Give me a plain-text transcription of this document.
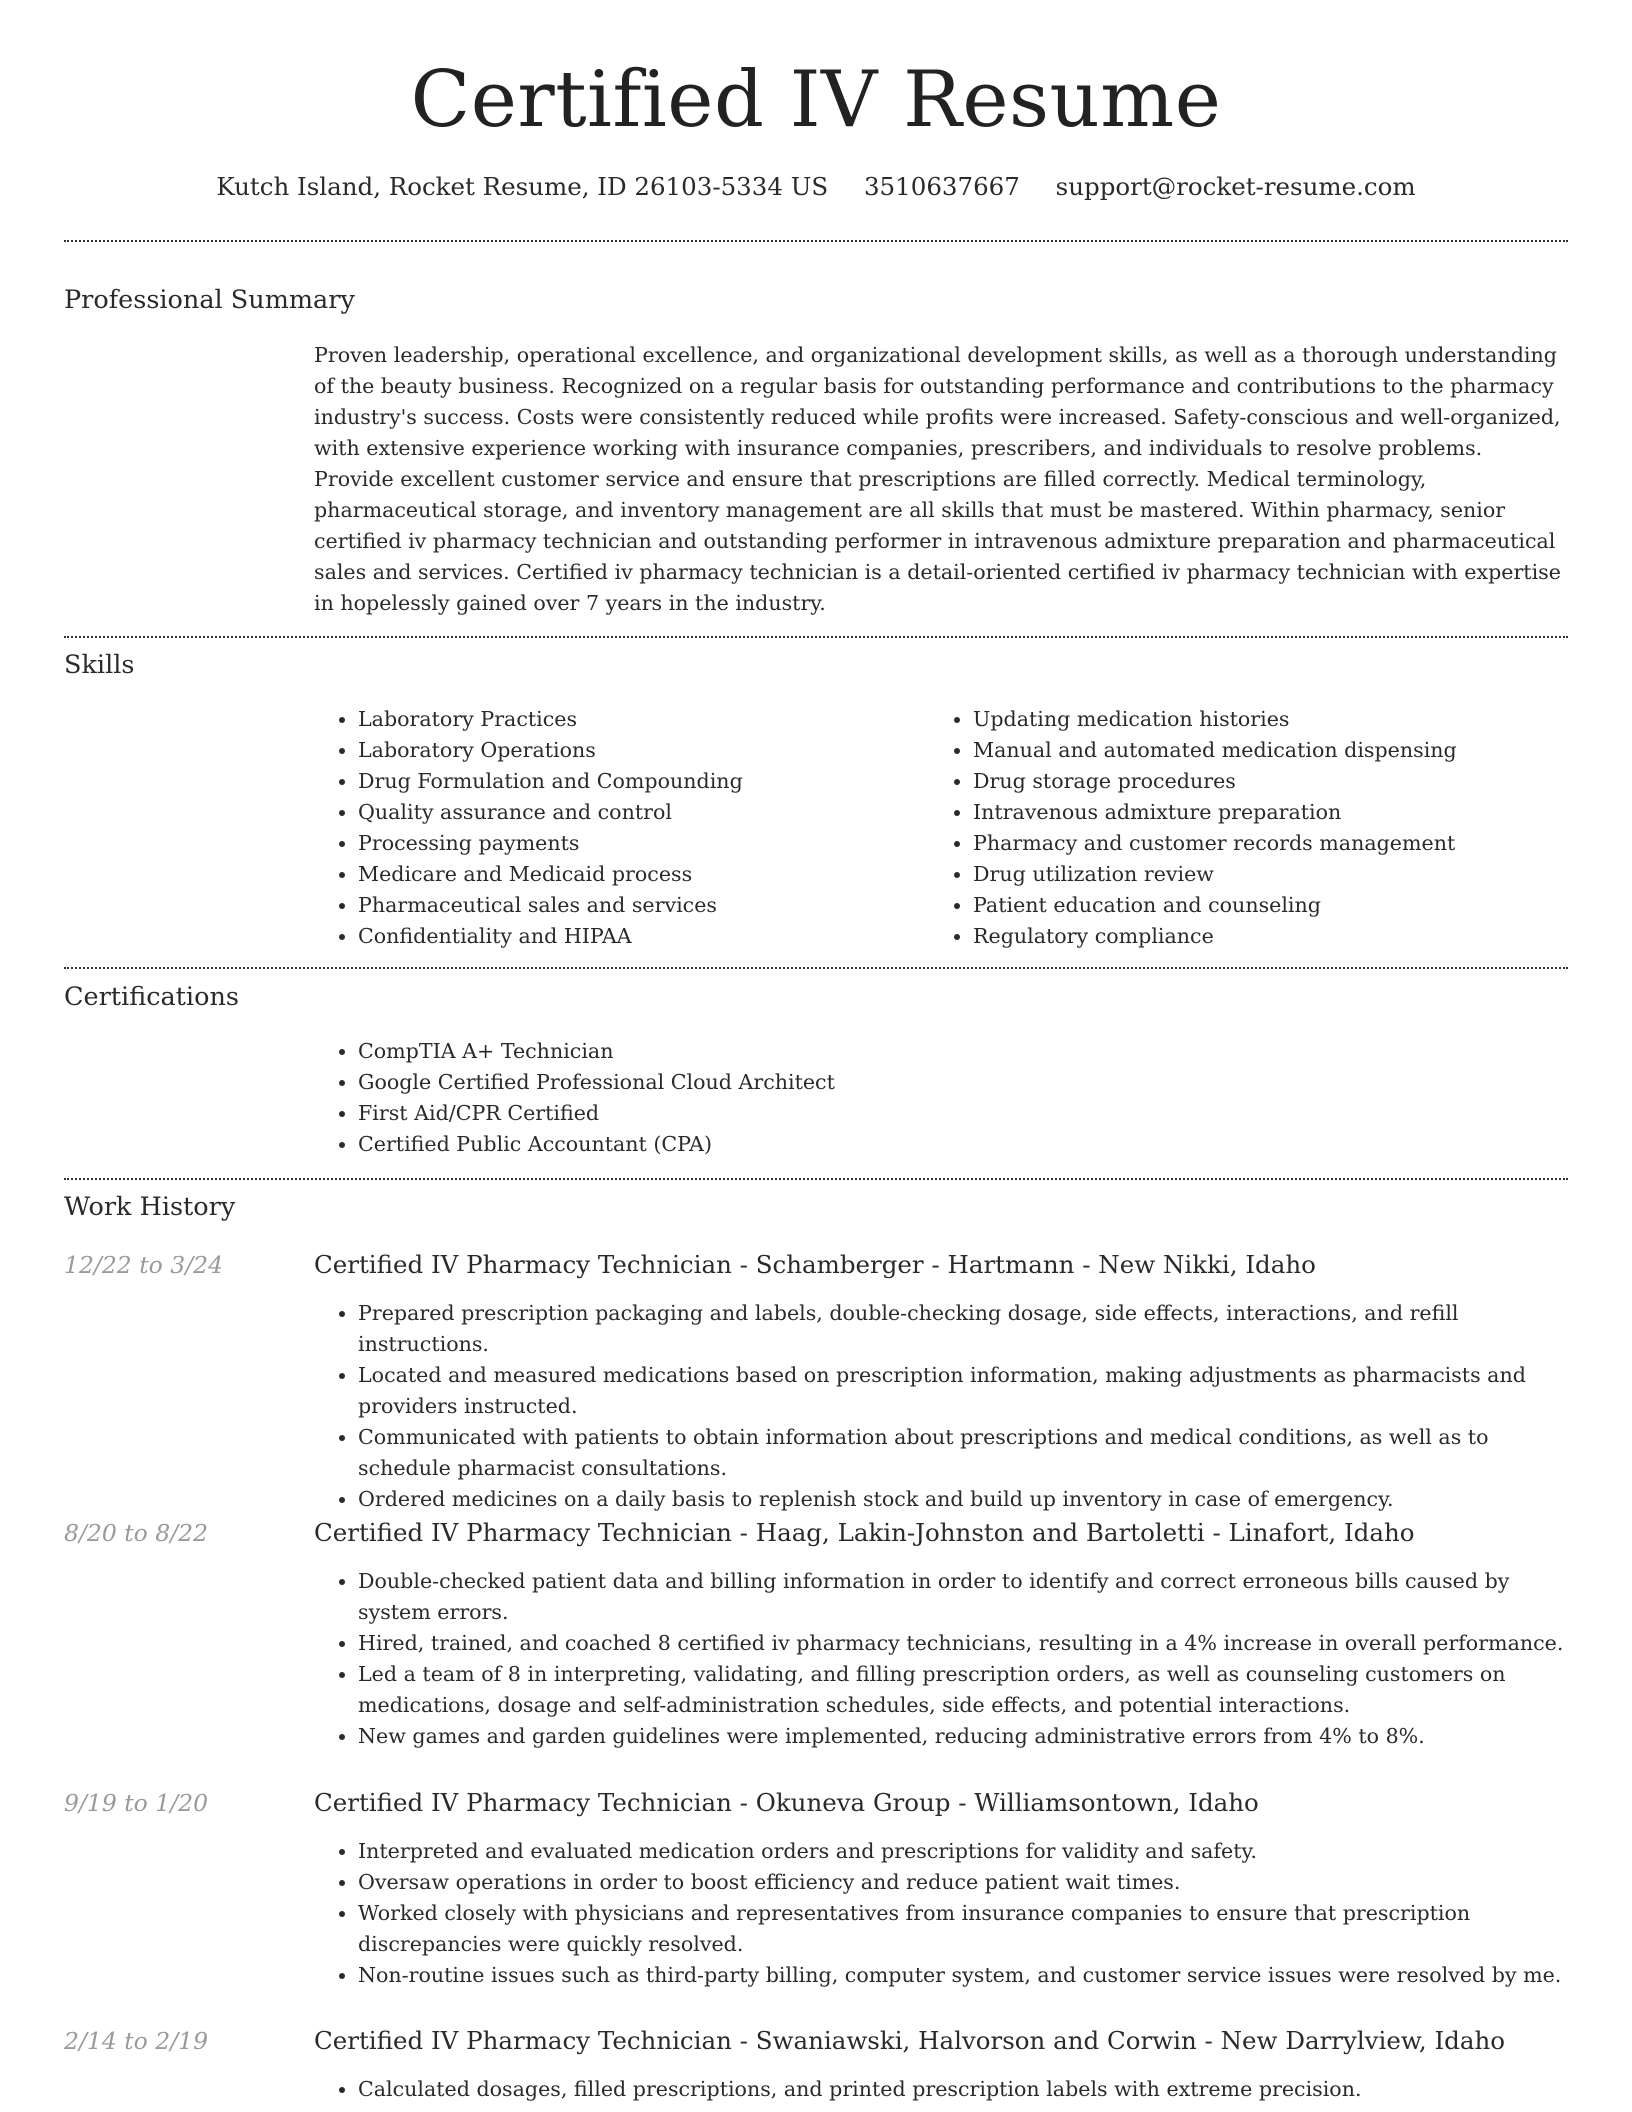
Certified IV Resume
Kutch Island, Rocket Resume, ID 26103-5334 US 3510637667 support@rocket-resume.com
Professional Summary

Proven leadership, operational excellence, and organizational development skills, as well as a thorough understanding of the beauty business. Recognized on a regular basis for outstanding performance and contributions to the pharmacy industry's success. Costs were consistently reduced while profits were increased. Safety-conscious and well-organized, with extensive experience working with insurance companies, prescribers, and individuals to resolve problems. Provide excellent customer service and ensure that prescriptions are filled correctly. Medical terminology, pharmaceutical storage, and inventory management are all skills that must be mastered. Within pharmacy, senior certified iv pharmacy technician and outstanding performer in intravenous admixture preparation and pharmaceutical sales and services. Certified iv pharmacy technician is a detail-oriented certified iv pharmacy technician with expertise in hopelessly gained over 7 years in the industry.

Skills
• Laboratory Practices
• Laboratory Operations
• Drug Formulation and Compounding
• Quality assurance and control
• Processing payments
• Medicare and Medicaid process
• Pharmaceutical sales and services
• Confidentiality and HIPAA
• Updating medication histories
• Manual and automated medication dispensing
• Drug storage procedures
• Intravenous admixture preparation
• Pharmacy and customer records management
• Drug utilization review
• Patient education and counseling
• Regulatory compliance
Certifications
• CompTIA A+ Technician
• Google Certified Professional Cloud Architect
• First Aid/CPR Certified
• Certified Public Accountant (CPA)
Work History
12/22 to 3/24	Certified IV Pharmacy Technician - Schamberger - Hartmann - New Nikki, Idaho
• Prepared prescription packaging and labels, double-checking dosage, side effects, interactions, and refill instructions.
• Located and measured medications based on prescription information, making adjustments as pharmacists and providers instructed.
• Communicated with patients to obtain information about prescriptions and medical conditions, as well as to schedule pharmacist consultations.
• Ordered medicines on a daily basis to replenish stock and build up inventory in case of emergency.
8/20 to 8/22	Certified IV Pharmacy Technician - Haag, Lakin-Johnston and Bartoletti - Linafort, Idaho
• Double-checked patient data and billing information in order to identify and correct erroneous bills caused by system errors.
• Hired, trained, and coached 8 certified iv pharmacy technicians, resulting in a 4% increase in overall performance.
• Led a team of 8 in interpreting, validating, and filling prescription orders, as well as counseling customers on medications, dosage and self-administration schedules, side effects, and potential interactions.
• New games and garden guidelines were implemented, reducing administrative errors from 4% to 8%.
9/19 to 1/20	Certified IV Pharmacy Technician - Okuneva Group - Williamsontown, Idaho
• Interpreted and evaluated medication orders and prescriptions for validity and safety.
• Oversaw operations in order to boost efficiency and reduce patient wait times.
• Worked closely with physicians and representatives from insurance companies to ensure that prescription discrepancies were quickly resolved.
• Non-routine issues such as third-party billing, computer system, and customer service issues were resolved by me.
2/14 to 2/19	Certified IV Pharmacy Technician - Swaniawski, Halvorson and Corwin - New Darrylview, Idaho
• Calculated dosages, filled prescriptions, and printed prescription labels with extreme precision.
